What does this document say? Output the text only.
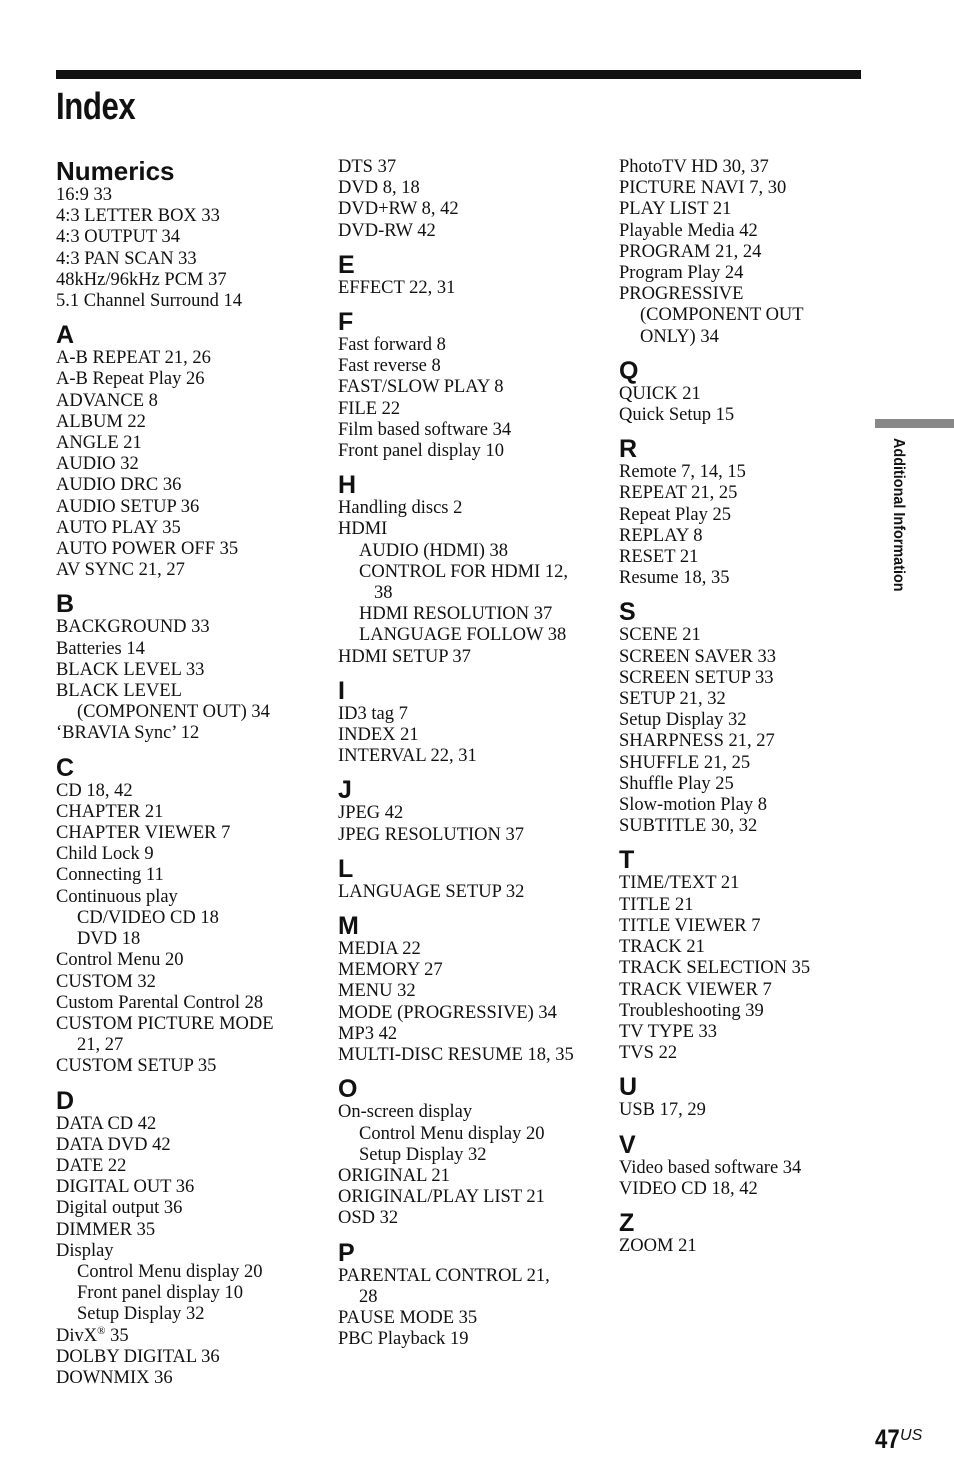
Index
Numerics
16:9 33
4:3 LETTER BOX 33
4:3 OUTPUT 34
4:3 PAN SCAN 33
48kHz/96kHz PCM 37
5.1 Channel Surround 14
A
A-B REPEAT 21, 26
A-B Repeat Play 26
ADVANCE 8
ALBUM 22
ANGLE 21
AUDIO 32
AUDIO DRC 36
AUDIO SETUP 36
AUTO PLAY 35
AUTO POWER OFF 35
AV SYNC 21, 27
B
BACKGROUND 33
Batteries 14
BLACK LEVEL 33
BLACK LEVEL
(COMPONENT OUT) 34
‘BRAVIA Sync’ 12
C
CD 18, 42
CHAPTER 21
CHAPTER VIEWER 7
Child Lock 9
Connecting 11
Continuous play
CD/VIDEO CD 18
DVD 18
Control Menu 20
CUSTOM 32
Custom Parental Control 28
CUSTOM PICTURE MODE
21, 27
CUSTOM SETUP 35
D
DATA CD 42
DATA DVD 42
DATE 22
DIGITAL OUT 36
Digital output 36
DIMMER 35
Display
Control Menu display 20
Front panel display 10
Setup Display 32
DivX® 35
DOLBY DIGITAL 36
DOWNMIX 36
DTS 37
DVD 8, 18
DVD+RW 8, 42
DVD-RW 42
E
EFFECT 22, 31
F
Fast forward 8
Fast reverse 8
FAST/SLOW PLAY 8
FILE 22
Film based software 34
Front panel display 10
H
Handling discs 2
HDMI
AUDIO (HDMI) 38
CONTROL FOR HDMI 12,
38
HDMI RESOLUTION 37
LANGUAGE FOLLOW 38
HDMI SETUP 37
I
ID3 tag 7
INDEX 21
INTERVAL 22, 31
J
JPEG 42
JPEG RESOLUTION 37
L
LANGUAGE SETUP 32
M
MEDIA 22
MEMORY 27
MENU 32
MODE (PROGRESSIVE) 34
MP3 42
MULTI-DISC RESUME 18, 35
O
On-screen display
Control Menu display 20
Setup Display 32
ORIGINAL 21
ORIGINAL/PLAY LIST 21
OSD 32
P
PARENTAL CONTROL 21,
28
PAUSE MODE 35
PBC Playback 19
PhotoTV HD 30, 37
PICTURE NAVI 7, 30
PLAY LIST 21
Playable Media 42
PROGRAM 21, 24
Program Play 24
PROGRESSIVE
(COMPONENT OUT
ONLY) 34
Q
QUICK 21
Quick Setup 15
R
Remote 7, 14, 15
REPEAT 21, 25
Repeat Play 25
REPLAY 8
RESET 21
Resume 18, 35
S
SCENE 21
SCREEN SAVER 33
SCREEN SETUP 33
SETUP 21, 32
Setup Display 32
SHARPNESS 21, 27
SHUFFLE 21, 25
Shuffle Play 25
Slow-motion Play 8
SUBTITLE 30, 32
T
TIME/TEXT 21
TITLE 21
TITLE VIEWER 7
TRACK 21
TRACK SELECTION 35
TRACK VIEWER 7
Troubleshooting 39
TV TYPE 33
TVS 22
U
USB 17, 29
V
Video based software 34
VIDEO CD 18, 42
Z
ZOOM 21
Additional Information
47US
